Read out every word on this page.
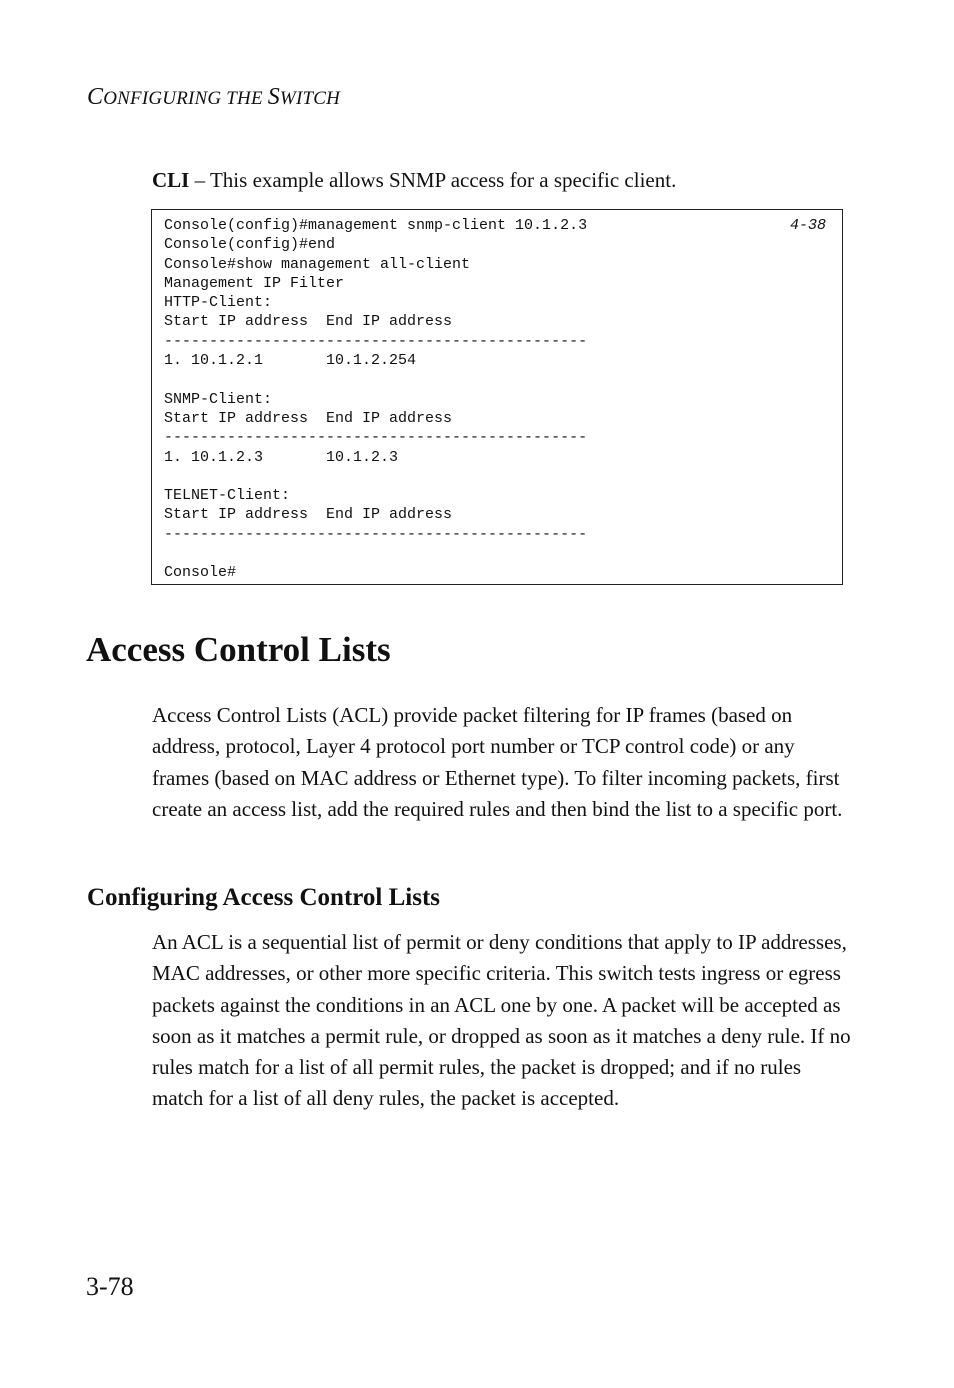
CONFIGURING THE SWITCH
CLI – This example allows SNMP access for a specific client.
Console(config)#management snmp-client 10.1.2.3
Console(config)#end
Console#show management all-client
Management IP Filter
HTTP-Client:
Start IP address  End IP address
-----------------------------------------------
1. 10.1.2.1       10.1.2.254

SNMP-Client:
Start IP address  End IP address
-----------------------------------------------
1. 10.1.2.3       10.1.2.3

TELNET-Client:
Start IP address  End IP address
-----------------------------------------------

Console#
4-38
Access Control Lists

Access Control Lists (ACL) provide packet filtering for IP frames (based on address, protocol, Layer 4 protocol port number or TCP control code) or any frames (based on MAC address or Ethernet type). To filter incoming packets, first create an access list, add the required rules and then bind the list to a specific port.

Configuring Access Control Lists

An ACL is a sequential list of permit or deny conditions that apply to IP addresses, MAC addresses, or other more specific criteria. This switch tests ingress or egress packets against the conditions in an ACL one by one. A packet will be accepted as soon as it matches a permit rule, or dropped as soon as it matches a deny rule. If no rules match for a list of all permit rules, the packet is dropped; and if no rules match for a list of all deny rules, the packet is accepted.

3-78
